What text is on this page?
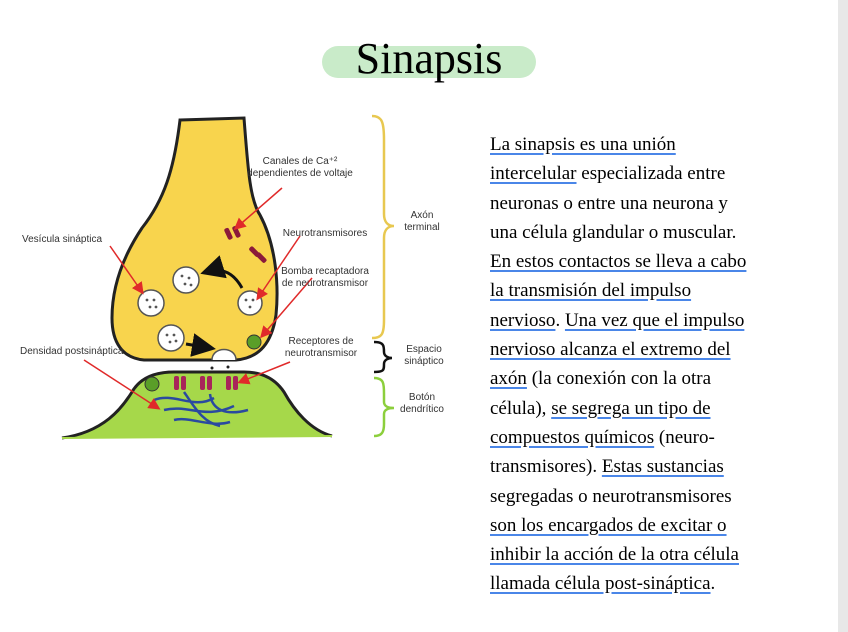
Sinapsis
Canales de Ca⁺²
dependientes de voltaje
Axón
terminal
Vesícula sináptica
Neurotransmisores
Bomba recaptadora
de neurotransmisor
Receptores de
neurotransmisor	Espacio
sináptico
Densidad postsináptica
Botón
dendrítico
La sinapsis es una unión
intercelular especializada entre
neuronas o entre una neurona y
una célula glandular o muscular.
En estos contactos se lleva a cabo
la transmisión del impulso
nervioso. Una vez que el impulso
nervioso alcanza el extremo del
axón (la conexión con la otra
célula), se segrega un tipo de
compuestos químicos (neuro-
transmisores). Estas sustancias
segregadas o neurotransmisores
son los encargados de excitar o
inhibir la acción de la otra célula
llamada célula post-sináptica.
